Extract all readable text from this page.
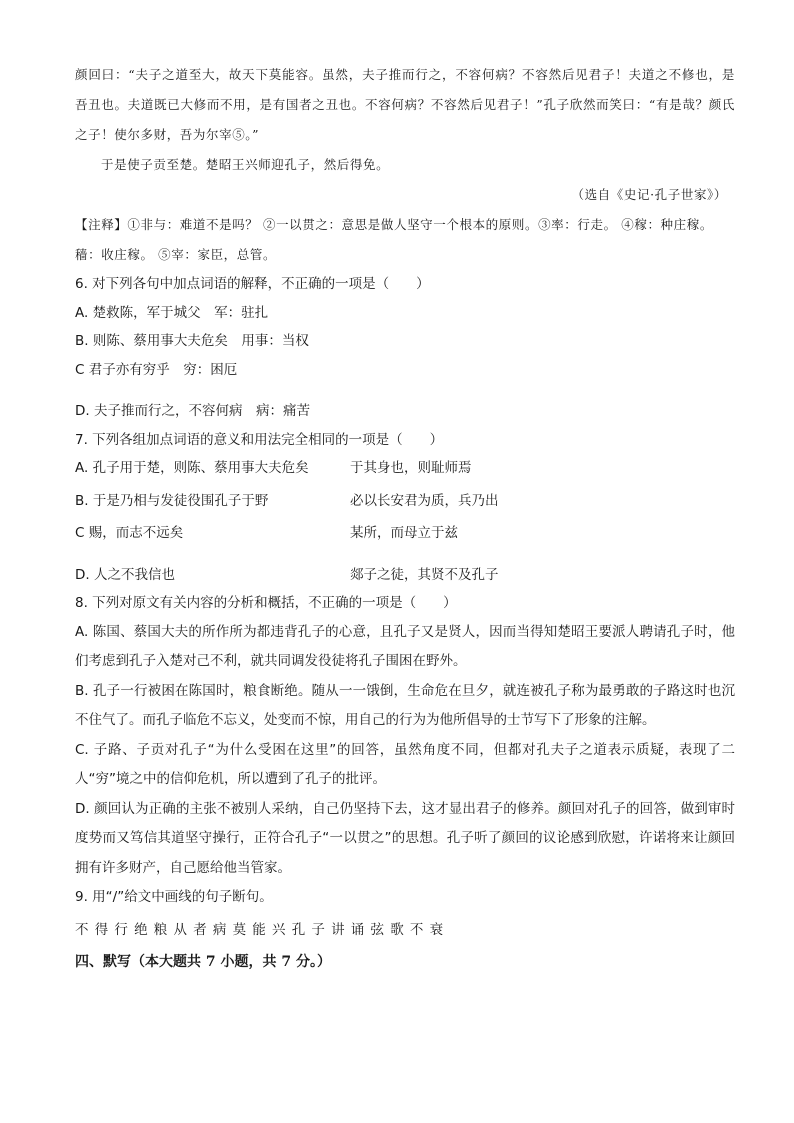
颜回曰：“夫子之道至大，故天下莫能容。虽然，夫子推而行之，不容何病？不容然后见君子！夫道之不修也，是吾丑也。夫道既已大修而不用，是有国者之丑也。不容何病？不容然后见君子！”孔子欣然而笑曰：“有是哉？颜氏之子！使尔多财，吾为尔宰⑤。”

于是使子贡至楚。楚昭王兴师迎孔子，然后得免。

（选自《史记·孔子世家》）

【注释】①非与：难道不是吗？ ②一以贯之：意思是做人坚守一个根本的原则。③率：行走。 ④稼：种庄稼。穑：收庄稼。 ⑤宰：家臣，总管。

6. 对下列各句中加点词语的解释，不正确的一项是（　　）

A. 楚救陈，军于城父　军：驻扎

B. 则陈、蔡用事大夫危矣　用事：当权

C 君子亦有穷乎　穷：困厄

D. 夫子推而行之，不容何病　病：痛苦

7. 下列各组加点词语的意义和用法完全相同的一项是（　　）

A. 孔子用于楚，则陈、蔡用事大夫危矣	于其身也，则耻师焉

B. 于是乃相与发徒役围孔子于野	必以长安君为质，兵乃出

C 赐，而志不远矣	某所，而母立于兹

D. 人之不我信也	郯子之徒，其贤不及孔子

8. 下列对原文有关内容的分析和概括，不正确的一项是（　　）

A. 陈国、蔡国大夫的所作所为都违背孔子的心意，且孔子又是贤人，因而当得知楚昭王要派人聘请孔子时，他们考虑到孔子入楚对己不利，就共同调发役徒将孔子围困在野外。

B. 孔子一行被困在陈国时，粮食断绝。随从一一饿倒，生命危在旦夕，就连被孔子称为最勇敢的子路这时也沉不住气了。而孔子临危不忘义，处变而不惊，用自己的行为为他所倡导的士节写下了形象的注解。

C. 子路、子贡对孔子“为什么受困在这里”的回答，虽然角度不同，但都对孔夫子之道表示质疑，表现了二人“穷”境之中的信仰危机，所以遭到了孔子的批评。

D. 颜回认为正确的主张不被别人采纳，自己仍坚持下去，这才显出君子的修养。颜回对孔子的回答，做到审时度势而又笃信其道坚守操行，正符合孔子“一以贯之”的思想。孔子听了颜回的议论感到欣慰，许诺将来让颜回拥有许多财产，自己愿给他当管家。

9. 用“/”给文中画线的句子断句。

不得行绝粮从者病莫能兴孔子讲诵弦歌不衰

四、默写（本大题共 7 小题，共 7 分。）
